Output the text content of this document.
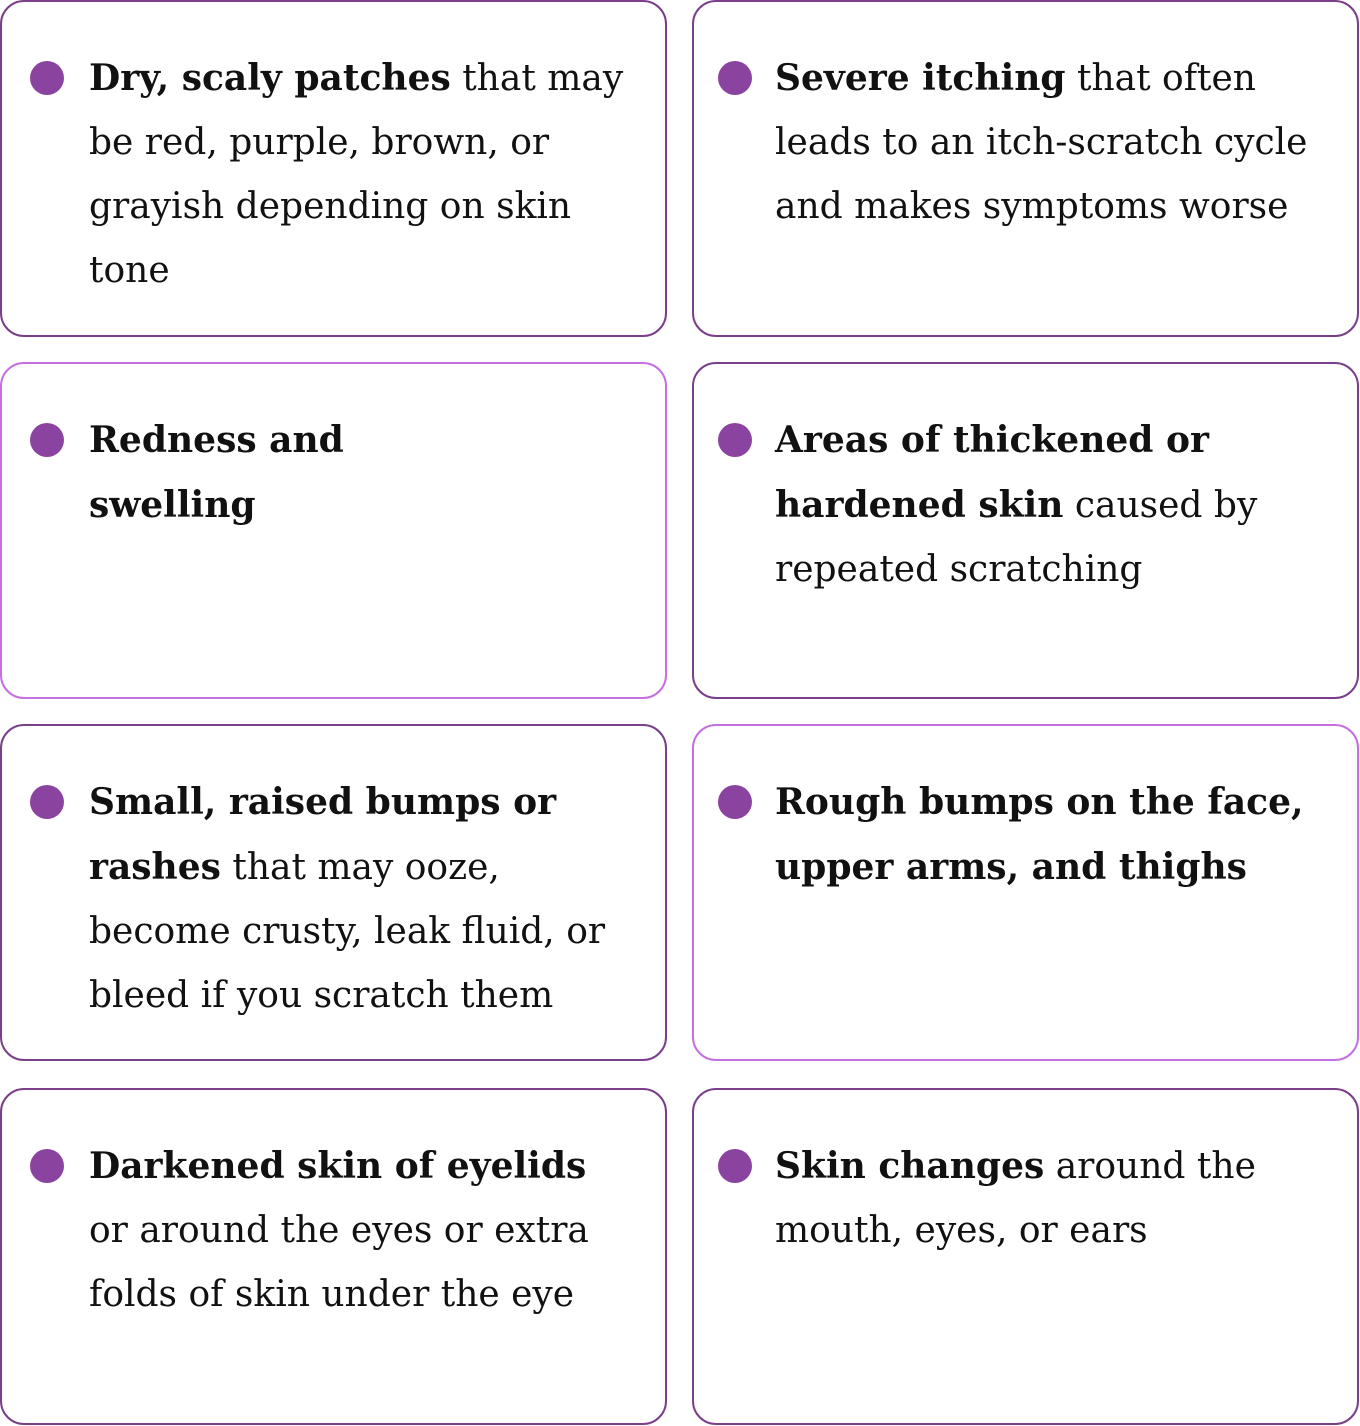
Dry, scaly patches that may be red, purple, brown, or grayish depending on skin tone

Severe itching that often leads to an itch-scratch cycle and makes symptoms worse

Redness and swelling

Areas of thickened or hardened skin caused by repeated scratching

Small, raised bumps or rashes that may ooze, become crusty, leak fluid, or bleed if you scratch them

Rough bumps on the face, upper arms, and thighs

Darkened skin of eyelids or around the eyes or extra folds of skin under the eye

Skin changes around the mouth, eyes, or ears
